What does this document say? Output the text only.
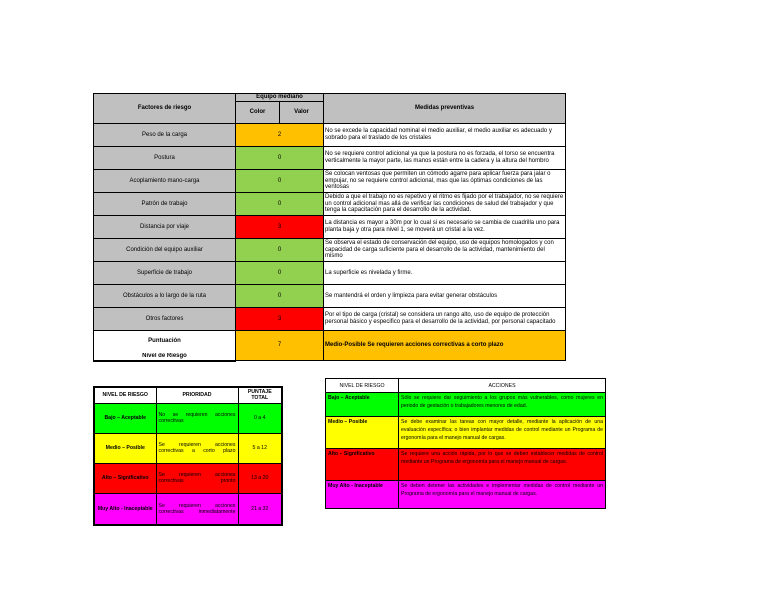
Factores de riesgo	Equipo mediano		Medidas preventivas
	Color	Valor	
Peso de la carga	2		No se excede la capacidad nominal el medio auxiliar, el medio auxiliar es adecuado y sobrado para el traslado de los cristales
Postura	0		No se requiere control adicional ya que la postura no es forzada, el torso se encuentra verticalmente la mayor parte, las manos están entre la cadera y la altura del hombro
Acoplamiento mano-carga	0		Se colocan ventosas que permiten un cómodo agarre para aplicar fuerza para jalar o empujar, no se requiere control adicional, mas que las óptimas condiciones de las ventosas
Patrón de trabajo	0		Debido a que el trabajo no es repetivo y el ritmo es fijado por el trabajador, no se requiere un control adicional mas allá de verificar las condiciones de salud del trabajador y que tenga la capacitación para el desarrollo de la actividad.
Distancia por viaje	3		La distancia es mayor a 30m por lo cual si es necesario se cambia de cuadrilla uno para planta baja y otra para nivel 1, se moverá un cristal a la vez.
Condición del equipo auxiliar	0		Se observa el estado de conservación del equipo, uso de equipos homologados y con capacidad de carga suficiente para el desarrollo de la actividad, mantenimiento del mismo
Superficie de trabajo	0		La superficie es nivelada y firme.
Obstáculos a lo largo de la ruta	0		Se mantendrá el orden y limpieza para evitar generar obstáculos
Otros factores	3		Por el tipo de carga (cristal) se considera un rango alto, uso de equipo de protección personal básico y especifico para el desarrollo de la actividad, por personal capacitado
Puntuación	7		Medio-Posible Se requieren acciones correctivas a corto plazo
Nivel de Riesgo			
NIVEL DE RIESGO	PRIORIDAD	PUNTAJE TOTAL
Bajo – Aceptable	No se requieren acciones correctivas	0 a 4
Medio – Posible	Se requieren acciones correctivas a corto plazo	5 a 12
Alto – Significativo	Se requieren acciones correctivas pronto	13 a 20
Muy Alto - Inaceptable	Se requieren acciones correctivas inmediatamente	21 a 32
NIVEL DE RIESGO	ACCIONES
Bajo – Aceptable	Sólo se requiere dar seguimiento a los grupos más vulnerables, como mujeres en periodo de gestación o trabajadores menores de edad.
Medio – Posible	Se debe examinar las tareas con mayor detalle, mediante la aplicación de una evaluación específica; o bien implantar medidas de control mediante un Programa de ergonomía para el manejo manual de cargas.
Alto – Significativo	Se requiere una acción rápida, por lo que se deben establecer medidas de control mediante un Programa de ergonomía para el manejo manual de cargas.
Muy Alto - Inaceptable	Se deben detener las actividades e implementar medidas de control mediante un Programa de ergonomía para el manejo manual de cargas.
